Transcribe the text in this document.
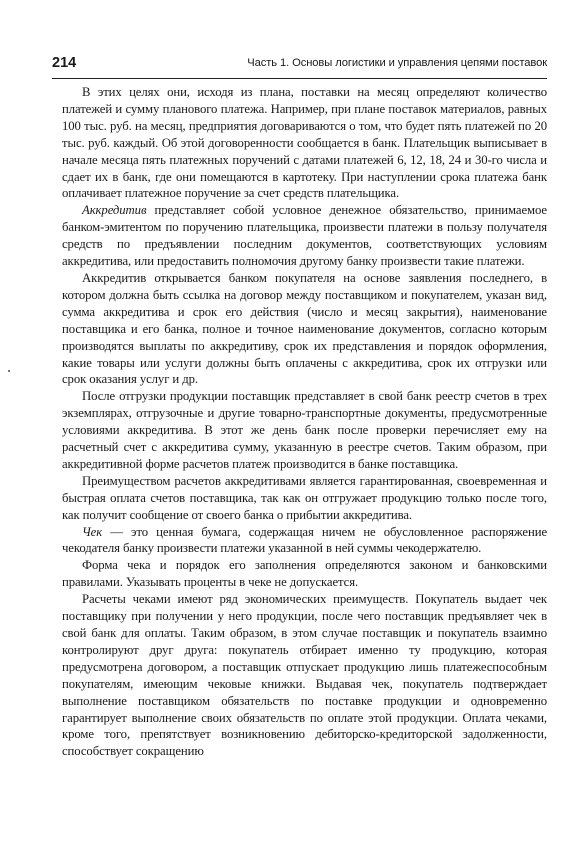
214	Часть 1. Основы логистики и управления цепями поставок

В этих целях они, исходя из плана, поставки на месяц определяют количество платежей и сумму планового платежа. Например, при плане поставок материалов, равных 100 тыс. руб. на месяц, предприятия договариваются о том, что будет пять платежей по 20 тыс. руб. каждый. Об этой договоренности сообщается в банк. Плательщик выписывает в начале месяца пять платежных поручений с датами платежей 6, 12, 18, 24 и 30-го числа и сдает их в банк, где они помещаются в картотеку. При наступлении срока платежа банк оплачивает платежное поручение за счет средств плательщика.

Аккредитив представляет собой условное денежное обязательство, принимаемое банком-эмитентом по поручению плательщика, произвести платежи в пользу получателя средств по предъявлении последним документов, соответствующих условиям аккредитива, или предоставить полномочия другому банку произвести такие платежи.

Аккредитив открывается банком покупателя на основе заявления последнего, в котором должна быть ссылка на договор между поставщиком и покупателем, указан вид, сумма аккредитива и срок его действия (число и месяц закрытия), наименование поставщика и его банка, полное и точное наименование документов, согласно которым производятся выплаты по аккредитиву, срок их представления и порядок оформления, какие товары или услуги должны быть оплачены с аккредитива, срок их отгрузки или срок оказания услуг и др.

После отгрузки продукции поставщик представляет в свой банк реестр счетов в трех экземплярах, отгрузочные и другие товарно-транспортные документы, предусмотренные условиями аккредитива. В этот же день банк после проверки перечисляет ему на расчетный счет с аккредитива сумму, указанную в реестре счетов. Таким образом, при аккредитивной форме расчетов платеж производится в банке поставщика.

Преимуществом расчетов аккредитивами является гарантированная, своевременная и быстрая оплата счетов поставщика, так как он отгружает продукцию только после того, как получит сообщение от своего банка о прибытии аккредитива.

Чек — это ценная бумага, содержащая ничем не обусловленное распоряжение чекодателя банку произвести платежи указанной в ней суммы чекодержателю.

Форма чека и порядок его заполнения определяются законом и банковскими правилами. Указывать проценты в чеке не допускается.

Расчеты чеками имеют ряд экономических преимуществ. Покупатель выдает чек поставщику при получении у него продукции, после чего поставщик предъявляет чек в свой банк для оплаты. Таким образом, в этом случае поставщик и покупатель взаимно контролируют друг друга: покупатель отбирает именно ту продукцию, которая предусмотрена договором, а поставщик отпускает продукцию лишь платежеспособным покупателям, имеющим чековые книжки. Выдавая чек, покупатель подтверждает выполнение поставщиком обязательств по поставке продукции и одновременно гарантирует выполнение своих обязательств по оплате этой продукции. Оплата чеками, кроме того, препятствует возникновению дебиторско-кредиторской задолженности, способствует сокращению
